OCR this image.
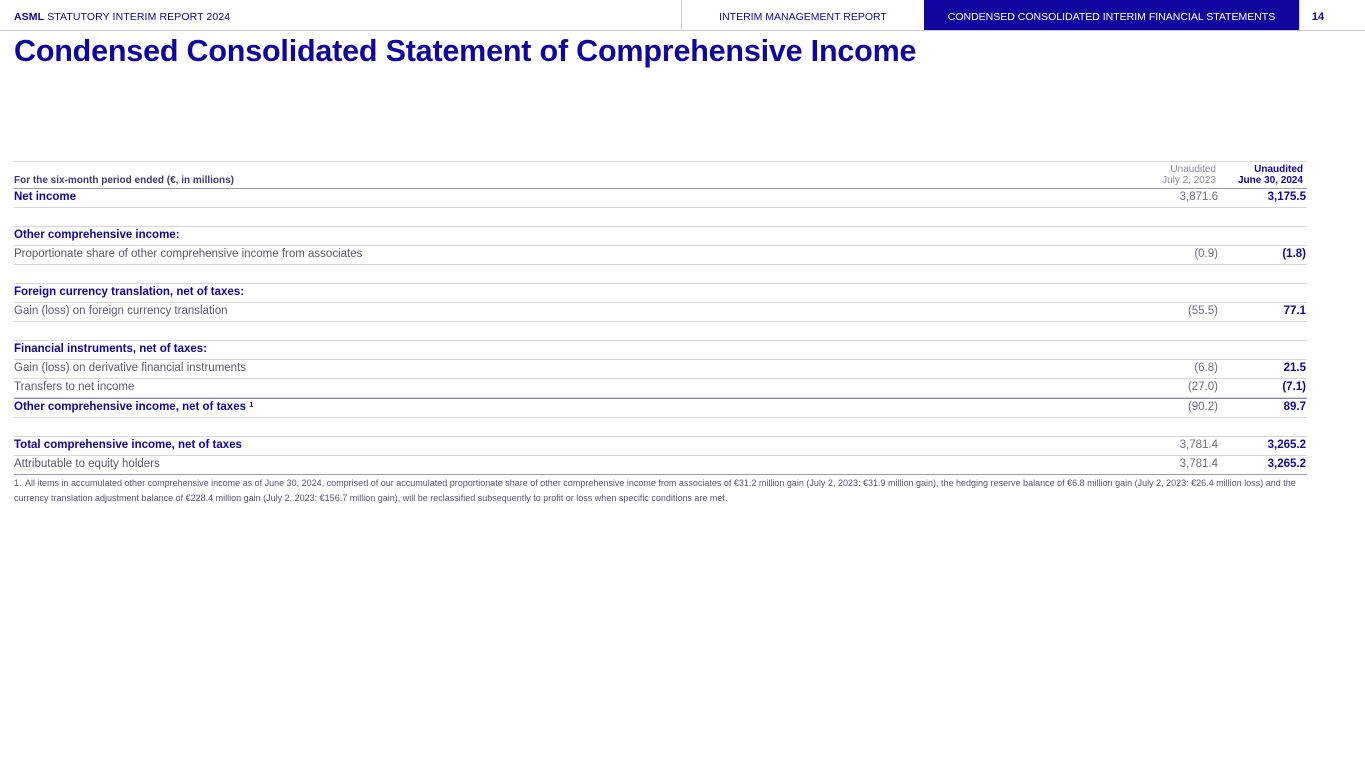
ASML STATUTORY INTERIM REPORT 2024	INTERIM MANAGEMENT REPORT	CONDENSED CONSOLIDATED INTERIM FINANCIAL STATEMENTS	14
Condensed Consolidated Statement of Comprehensive Income
For the six-month period ended (€, in millions)
Unaudited
July 2, 2023
Unaudited
June 30, 2024
Net income	3,871.6	3,175.5
Other comprehensive income:
Proportionate share of other comprehensive income from associates	(0.9)	(1.8)
Foreign currency translation, net of taxes:
Gain (loss) on foreign currency translation	(55.5)	77.1
Financial instruments, net of taxes:
Gain (loss) on derivative financial instruments	(6.8)	21.5
Transfers to net income	(27.0)	(7.1)
Other comprehensive income, net of taxes $^1$	(90.2)	89.7
Total comprehensive income, net of taxes	3,781.4	3,265.2
Attributable to equity holders	3,781.4	3,265.2
1. All items in accumulated other comprehensive income as of June 30, 2024, comprised of our accumulated proportionate share of other comprehensive income from associates of €31.2 million gain (July 2, 2023: €31.9 million gain), the hedging reserve balance of €6.8 million gain (July 2, 2023: €26.4 million loss) and the currency translation adjustment balance of €228.4 million gain (July 2, 2023: €156.7 million gain), will be reclassified subsequently to profit or loss when specific conditions are met.
